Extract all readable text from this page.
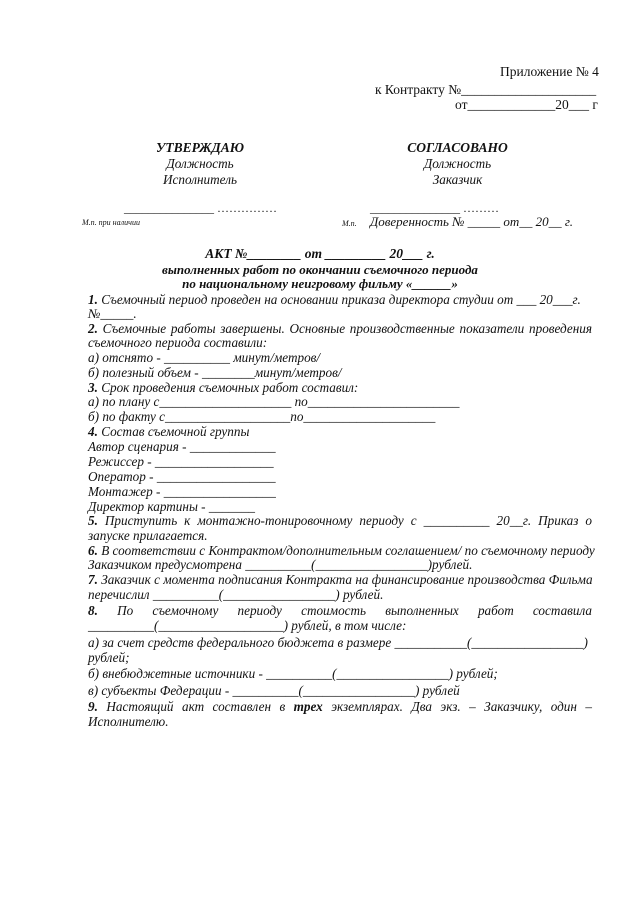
Приложение № 4
к Контракту №____________________
от_____________20___ г
УТВЕРЖДАЮ
Должность
Исполнитель
_______________ ……………
М.п. при наличии
СОГЛАСОВАНО
Должность
Заказчик
_______________ ………
М.п. Доверенность № _____ от__ 20__ г.
АКТ №________ от _________ 20___ г.
выполненных работ по окончании съемочного периода
по национальному неигровому фильму «______»
1. Съемочный период проведен на основании приказа директора студии от ___ 20___г.
№_____.
2. Съемочные работы завершены. Основные производственные показатели проведения
съемочного периода составили:
а) отснято - __________ минут/метров/
б) полезный объем - ________минут/метров/
3. Срок проведения съемочных работ составил:
а) по плану с____________________ по_______________________
б) по факту с___________________по____________________
4. Состав съемочной группы
Автор сценария - _____________
Режиссер - __________________
Оператор - __________________
Монтажер - _________________
Директор картины - _______
5. Приступить к монтажно-тонировочному периоду с __________ 20__г. Приказ о
запуске прилагается.
6. В соответствии с Контрактом/дополнительным соглашением/ по съемочному периоду
Заказчиком предусмотрена __________(_________________)рублей.
7. Заказчик с момента подписания Контракта на финансирование производства Фильма
перечислил __________(_________________) рублей.
8. По съемочному периоду стоимость выполненных работ составила
__________(___________________) рублей, в том числе:
а) за счет средств федерального бюджета в размере ___________(_________________)
рублей;
б) внебюджетные источники - __________(_________________) рублей;
в) субъекты Федерации - __________(_________________) рублей
9. Настоящий акт составлен в трех экземплярах. Два экз. – Заказчику, один –
Исполнителю.
